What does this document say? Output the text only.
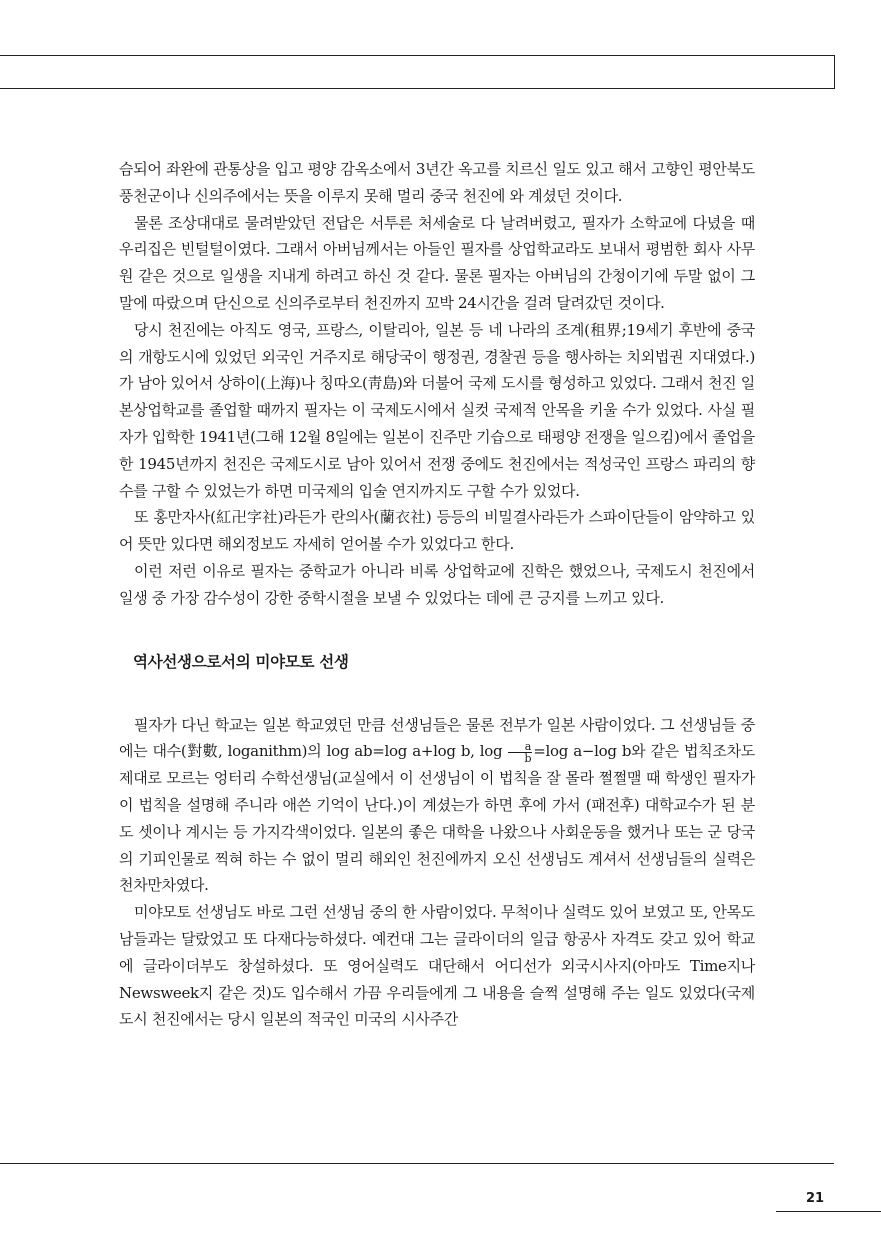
슴되어 좌완에 관통상을 입고 평양 감옥소에서 3년간 옥고를 치르신 일도 있고 해서 고향인 평안북도 풍천군이나 신의주에서는 뜻을 이루지 못해 멀리 중국 천진에 와 계셨던 것이다.

물론 조상대대로 물려받았던 전답은 서투른 처세술로 다 날려버렸고, 필자가 소학교에 다녔을 때 우리집은 빈털털이였다. 그래서 아버님께서는 아들인 필자를 상업학교라도 보내서 평범한 회사 사무원 같은 것으로 일생을 지내게 하려고 하신 것 같다. 물론 필자는 아버님의 간청이기에 두말 없이 그 말에 따랐으며 단신으로 신의주로부터 천진까지 꼬박 24시간을 걸려 달려갔던 것이다.

당시 천진에는 아직도 영국, 프랑스, 이탈리아, 일본 등 네 나라의 조계(租界;19세기 후반에 중국의 개항도시에 있었던 외국인 거주지로 해당국이 행정권, 경찰권 등을 행사하는 치외법권 지대였다.)가 남아 있어서 상하이(上海)나 칭따오(靑島)와 더불어 국제 도시를 형성하고 있었다. 그래서 천진 일본상업학교를 졸업할 때까지 필자는 이 국제도시에서 실컷 국제적 안목을 키울 수가 있었다. 사실 필자가 입학한 1941년(그해 12월 8일에는 일본이 진주만 기습으로 태평양 전쟁을 일으킴)에서 졸업을 한 1945년까지 천진은 국제도시로 남아 있어서 전쟁 중에도 천진에서는 적성국인 프랑스 파리의 향수를 구할 수 있었는가 하면 미국제의 입술 연지까지도 구할 수가 있었다.

또 홍만자사(紅卍字社)라든가 란의사(蘭衣社) 등등의 비밀결사라든가 스파이단들이 암약하고 있어 뜻만 있다면 해외정보도 자세히 얻어볼 수가 있었다고 한다.

이런 저런 이유로 필자는 중학교가 아니라 비록 상업학교에 진학은 했었으나, 국제도시 천진에서 일생 중 가장 감수성이 강한 중학시절을 보낼 수 있었다는 데에 큰 긍지를 느끼고 있다.

역사선생으로서의 미야모토 선생

필자가 다닌 학교는 일본 학교였던 만큼 선생님들은 물론 전부가 일본 사람이었다. 그 선생님들 중에는 대수(對數, loganithm)의 log ab=log a+log b, $\log \frac{a}{b} =\log$ a−log b와 같은 법칙조차도 제대로 모르는 엉터리 수학선생님(교실에서 이 선생님이 이 법칙을 잘 몰라 쩔쩔맬 때 학생인 필자가 이 법칙을 설명해 주니라 애쓴 기억이 난다.)이 계셨는가 하면 후에 가서 (패전후) 대학교수가 된 분도 셋이나 계시는 등 가지각색이었다. 일본의 좋은 대학을 나왔으나 사회운동을 했거나 또는 군 당국의 기피인물로 찍혀 하는 수 없이 멀리 해외인 천진에까지 오신 선생님도 계셔서 선생님들의 실력은 천차만차였다.

미야모토 선생님도 바로 그런 선생님 중의 한 사람이었다. 무척이나 실력도 있어 보였고 또, 안목도 남들과는 달랐었고 또 다재다능하셨다. 예컨대 그는 글라이더의 일급 항공사 자격도 갖고 있어 학교에 글라이더부도 창설하셨다. 또 영어실력도 대단해서 어디선가 외국시사지(아마도 Time지나 Newsweek지 같은 것)도 입수해서 가끔 우리들에게 그 내용을 슬쩍 설명해 주는 일도 있었다(국제도시 천진에서는 당시 일본의 적국인 미국의 시사주간

21
